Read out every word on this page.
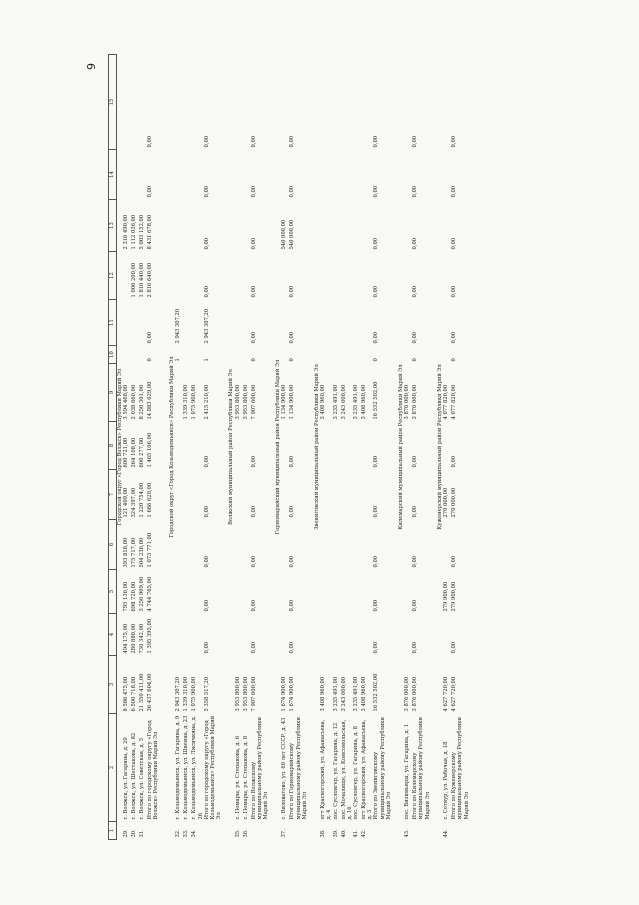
9
1	2	3	4	5	6	7	8	9	10	11	12	13	14	15
Городской округ «Город Волжск» Республики Марий Эл														
29.	г. Волжск, ул. Гагарина, д. 20	8 586 475,00	494 175,00	795 136,00	393 818,00	121 409,00	600 721,00	3 594 468,00				2 316 490,00		
30.	г. Волжск, ул. Шестакова, д. 82	6 500 718,00	280 880,00	698 720,00	175 717,00	324 397,00	264 108,00	2 038 660,00			1 006 200,00	1 112 036,00		
31.	г. Волжск, ул. Советская, д. 5	21 350 411,00	730 342,00	3 250 909,00	504 236,00	1 220 754,00	600 277,00	8 250 301,00			1 810 440,00	5 003 152,00		
	Итого по городскому округу «Город Волжск» Республики Марий Эл	36 437 604,00	1 395 395,00	4 744 765,00	1 073 771,00	1 666 620,00	1 465 106,00	14 883 029,00	0	0,00	2 816 640,00	8 431 678,00	0,00	0,00

Городской округ «Город Козьмодемьянск» Республики Марий Эл														
32.	г. Козьмодемьянск, ул. Гагарина, д. 9	2 943 307,20							1	2 943 307,20				
33.	г. Козьмодемьянск, ул. Шнеина, д. 23	1 339 310,00						1 339 310,00						
34.	г. Козьмодемьянск, ул. Лисичкина, д. 26	1 075 900,00						1 075 900,00						
	Итого по городскому округу «Город Козьмодемьянск» Республики Марий Эл	5 358 517,20	0,00	0,00	0,00	0,00	0,00	2 415 210,00	1	2 943 307,20	0,00	0,00	0,00	0,00

Волжский муниципальный район Республики Марий Эл														
35.	с. Помары, ул. Степанова, д. 6	3 953 800,00						3 953 800,00						
36.	с. Помары, ул. Степанова, д. 8	3 953 800,00						3 953 800,00						
	Итого по Волжскому муниципальному району Республики Марий Эл	7 907 600,00	0,00	0,00	0,00	0,00	0,00	7 907 600,00	0	0,00	0,00	0,00	0,00	0,00

Горномарийский муниципальный район Республики Марий Эл														
37.	с. Виловатово, ул. 60 лет СССР, д. 43	1 674 900,00						1 134 900,00				540 000,00		
	Итого по Горномарийскому муниципальному району Республики Марий Эл	1 674 900,00	0,00	0,00	0,00	0,00	0,00	1 134 900,00	0	0,00	0,00	540 000,00	0,00	0,00

Звениговский муниципальный район Республики Марий Эл														
38.	пгт Красногорский, ул. Афанасьева, д. 4	3 408 960,00						3 408 960,00						
39.	пос. Суслонгер, ул. Гагарина, д. 12	3 235 491,00						3 235 491,00						
40.	пос. Мочалище, ул. Комсомольская, д. 16	3 243 600,00						3 243 600,00						
41.	пос. Суслонгер, ул. Гагарина, д. 8	3 235 491,00						3 235 491,00						
42.	пгт Красногорский, ул. Афанасьева, д. 3	3 408 960,00						3 408 960,00						
	Итого по Звениговскому муниципальному району Республики Марий Эл	16 532 502,00	0,00	0,00	0,00	0,00	0,00	16 532 502,00	0	0,00	0,00	0,00	0,00	0,00

Килемарский муниципальный район Республики Марий Эл														
43.	пос. Визимьяры, ул. Гагарина, д. 1	3 876 000,00						3 876 000,00						
	Итого по Килемарскому муниципальному району Республики Марий Эл	3 876 000,00	0,00	0,00	0,00	0,00	0,00	3 876 000,00	0	0,00	0,00	0,00	0,00	0,00

Куженерский муниципальный район Республики Марий Эл														
44.	с. Сотнур, ул. Рабочая, д. 18	4 627 720,00		279 900,00		270 000,00		4 077 820,00						
	Итого по Куженерскому муниципальному району Республики Марий Эл	4 627 720,00	0,00	279 900,00	0,00	270 000,00	0,00	4 077 820,00	0	0,00	0,00	0,00	0,00	0,00
